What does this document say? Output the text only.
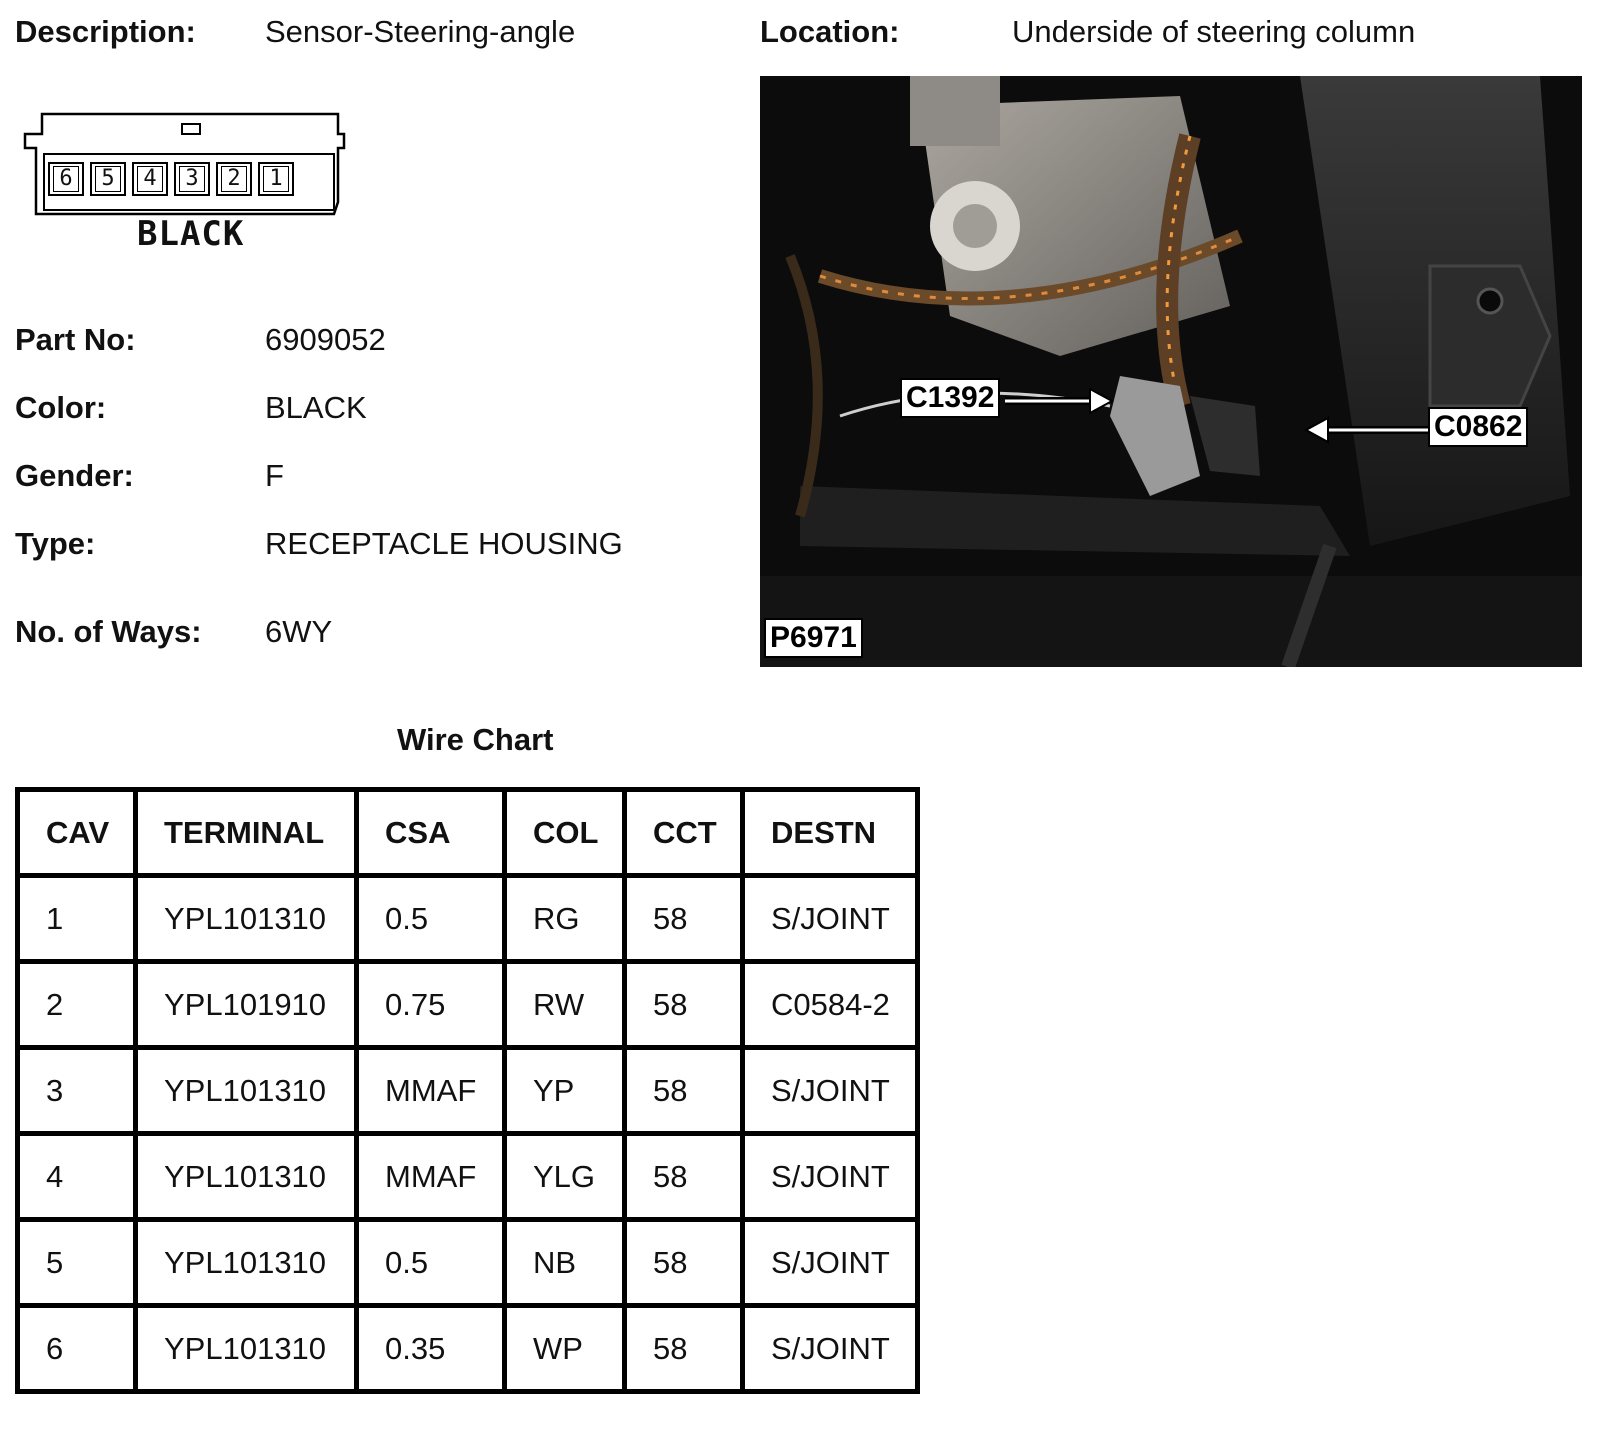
Description: Sensor-Steering-angle	Location:	Underside of steering column
6 5 4 3 2 1
BLACK
Part No:	6909052
Color:	BLACK
Gender:	F
Type:	RECEPTACLE HOUSING
No. of Ways: 6WY
C1392
C0862
P6971
Wire Chart
CAV	TERMINAL	CSA	COL	CCT	DESTN
1	YPL101310	0.5	RG	58	S/JOINT
2	YPL101910	0.75	RW	58	C0584-2
3	YPL101310	MMAF	YP	58	S/JOINT
4	YPL101310	MMAF	YLG	58	S/JOINT
5	YPL101310	0.5	NB	58	S/JOINT
6	YPL101310	0.35	WP	58	S/JOINT
